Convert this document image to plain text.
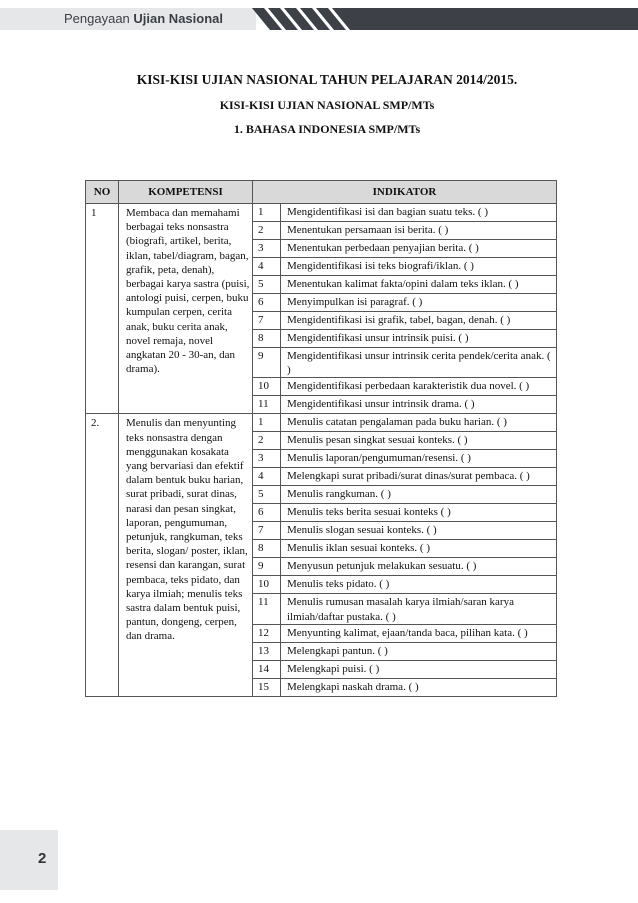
Pengayaan Ujian Nasional
KISI-KISI UJIAN NASIONAL TAHUN PELAJARAN 2014/2015.
KISI-KISI UJIAN NASIONAL SMP/MTs
1. BAHASA INDONESIA SMP/MTs
NO	KOMPETENSI	INDIKATOR	
1	Membaca dan memahami berbagai teks nonsastra (biografi, artikel, berita, iklan, tabel/diagram, bagan, grafik, peta, denah), berbagai karya sastra (puisi, antologi puisi, cerpen, buku kumpulan cerpen, cerita anak, buku cerita anak, novel remaja, novel angkatan 20 - 30-an, dan drama).	1	Mengidentifikasi isi dan bagian suatu teks. ( )
		2	Menentukan persamaan isi berita. ( )
		3	Menentukan perbedaan penyajian berita. ( )
		4	Mengidentifikasi isi teks biografi/iklan. ( )
		5	Menentukan kalimat fakta/opini dalam teks iklan. ( )
		6	Menyimpulkan isi paragraf. ( )
		7	Mengidentifikasi isi grafik, tabel, bagan, denah. ( )
		8	Mengidentifikasi unsur intrinsik puisi. ( )
		9	Mengidentifikasi unsur intrinsik cerita pendek/cerita anak. ( )
		10	Mengidentifikasi perbedaan karakteristik dua novel. ( )
		11	Mengidentifikasi unsur intrinsik drama. ( )
2.	Menulis dan menyunting teks nonsastra dengan menggunakan kosakata yang bervariasi dan efektif dalam bentuk buku harian, surat pribadi, surat dinas, narasi dan pesan singkat, laporan, pengumuman, petunjuk, rangkuman, teks berita, slogan/ poster, iklan, resensi dan karangan, surat pembaca, teks pidato, dan karya ilmiah; menulis teks sastra dalam bentuk puisi, pantun, dongeng, cerpen, dan drama.	1	Menulis catatan pengalaman pada buku harian. ( )
		2	Menulis pesan singkat sesuai konteks. ( )
		3	Menulis laporan/pengumuman/resensi. ( )
		4	Melengkapi surat pribadi/surat dinas/surat pembaca. ( )
		5	Menulis rangkuman. ( )
		6	Menulis teks berita sesuai konteks ( )
		7	Menulis slogan sesuai konteks. ( )
		8	Menulis iklan sesuai konteks. ( )
		9	Menyusun petunjuk melakukan sesuatu. ( )
		10	Menulis teks pidato. ( )
		11	Menulis rumusan masalah karya ilmiah/saran karya ilmiah/daftar pustaka. ( )
		12	Menyunting kalimat, ejaan/tanda baca, pilihan kata. ( )
		13	Melengkapi pantun. ( )
		14	Melengkapi puisi. ( )
		15	Melengkapi naskah drama. ( )
2
